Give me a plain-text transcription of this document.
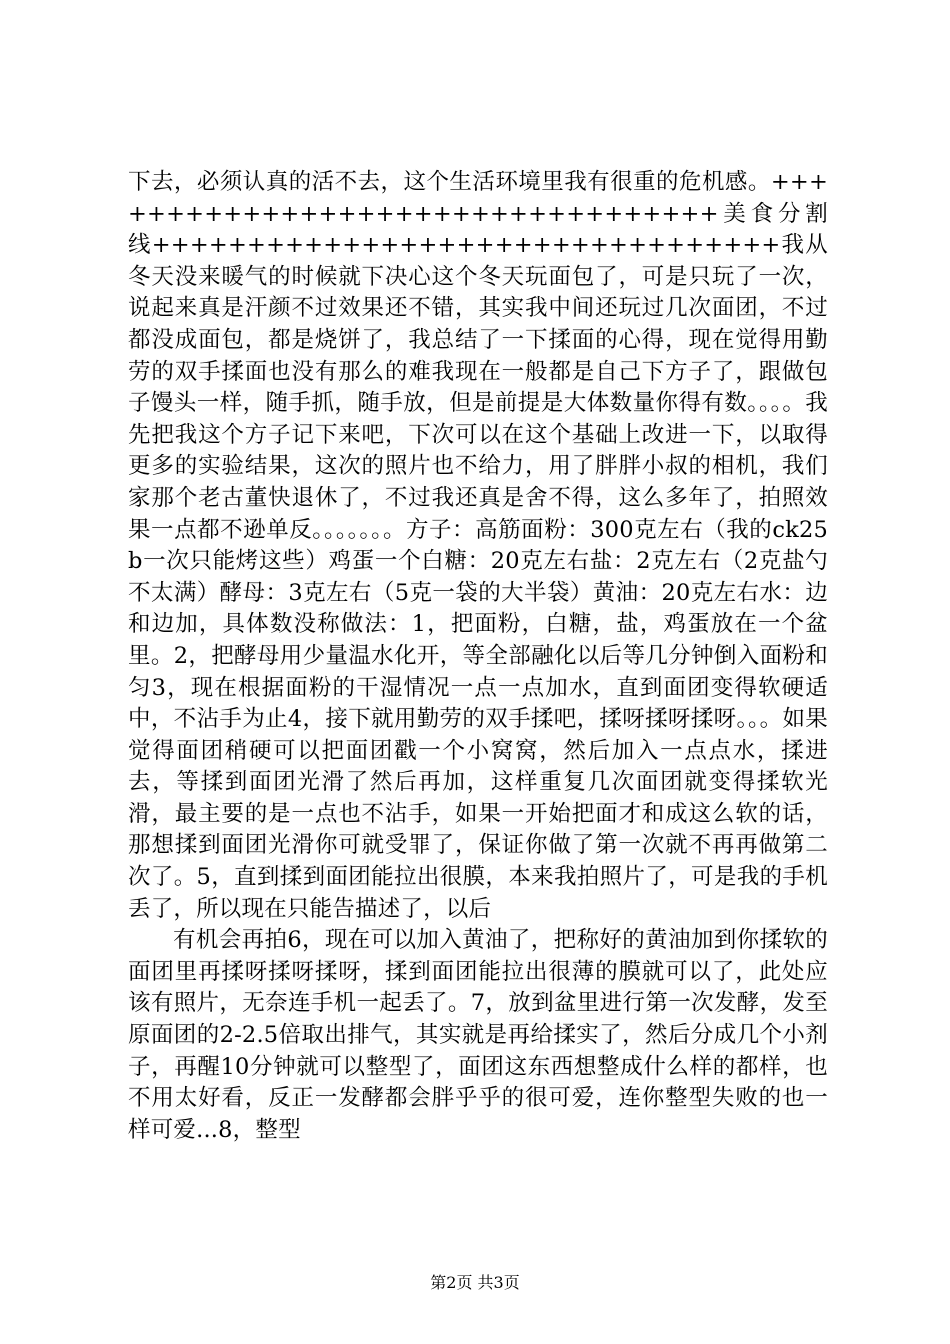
下去，必须认真的活不去，这个生活环境里我有很重的危机感。++++++++++++++++++++++++++++++++++美食分割线+++++++++++++++++++++++++++++++++我从冬天没来暖气的时候就下决心这个冬天玩面包了，可是只玩了一次，说起来真是汗颜不过效果还不错，其实我中间还玩过几次面团，不过都没成面包，都是烧饼了，我总结了一下揉面的心得，现在觉得用勤劳的双手揉面也没有那么的难我现在一般都是自己下方子了，跟做包子馒头一样，随手抓，随手放，但是前提是大体数量你得有数。。。。我先把我这个方子记下来吧，下次可以在这个基础上改进一下，以取得更多的实验结果，这次的照片也不给力，用了胖胖小叔的相机，我们家那个老古董快退休了，不过我还真是舍不得，这么多年了，拍照效果一点都不逊单反。。。。。。。方子：高筋面粉：300克左右（我的ck25b一次只能烤这些）鸡蛋一个白糖：20克左右盐：2克左右（2克盐勺不太满）酵母：3克左右（5克一袋的大半袋）黄油：20克左右水：边和边加，具体数没称做法：1，把面粉，白糖，盐，鸡蛋放在一个盆里。2，把酵母用少量温水化开，等全部融化以后等几分钟倒入面粉和匀3，现在根据面粉的干湿情况一点一点加水，直到面团变得软硬适中，不沾手为止4，接下就用勤劳的双手揉吧，揉呀揉呀揉呀。。。如果觉得面团稍硬可以把面团戳一个小窝窝，然后加入一点点水，揉进去，等揉到面团光滑了然后再加，这样重复几次面团就变得揉软光滑，最主要的是一点也不沾手，如果一开始把面才和成这么软的话，那想揉到面团光滑你可就受罪了，保证你做了第一次就不再再做第二次了。5，直到揉到面团能拉出很膜，本来我拍照片了，可是我的手机丢了，所以现在只能告描述了，以后

有机会再拍6，现在可以加入黄油了，把称好的黄油加到你揉软的面团里再揉呀揉呀揉呀，揉到面团能拉出很薄的膜就可以了，此处应该有照片，无奈连手机一起丢了。7，放到盆里进行第一次发酵，发至原面团的2-2.5倍取出排气，其实就是再给揉实了，然后分成几个小剂子，再醒10分钟就可以整型了，面团这东西想整成什么样的都样，也不用太好看，反正一发酵都会胖乎乎的很可爱，连你整型失败的也一样可爱...8，整型

第2页 共3页
